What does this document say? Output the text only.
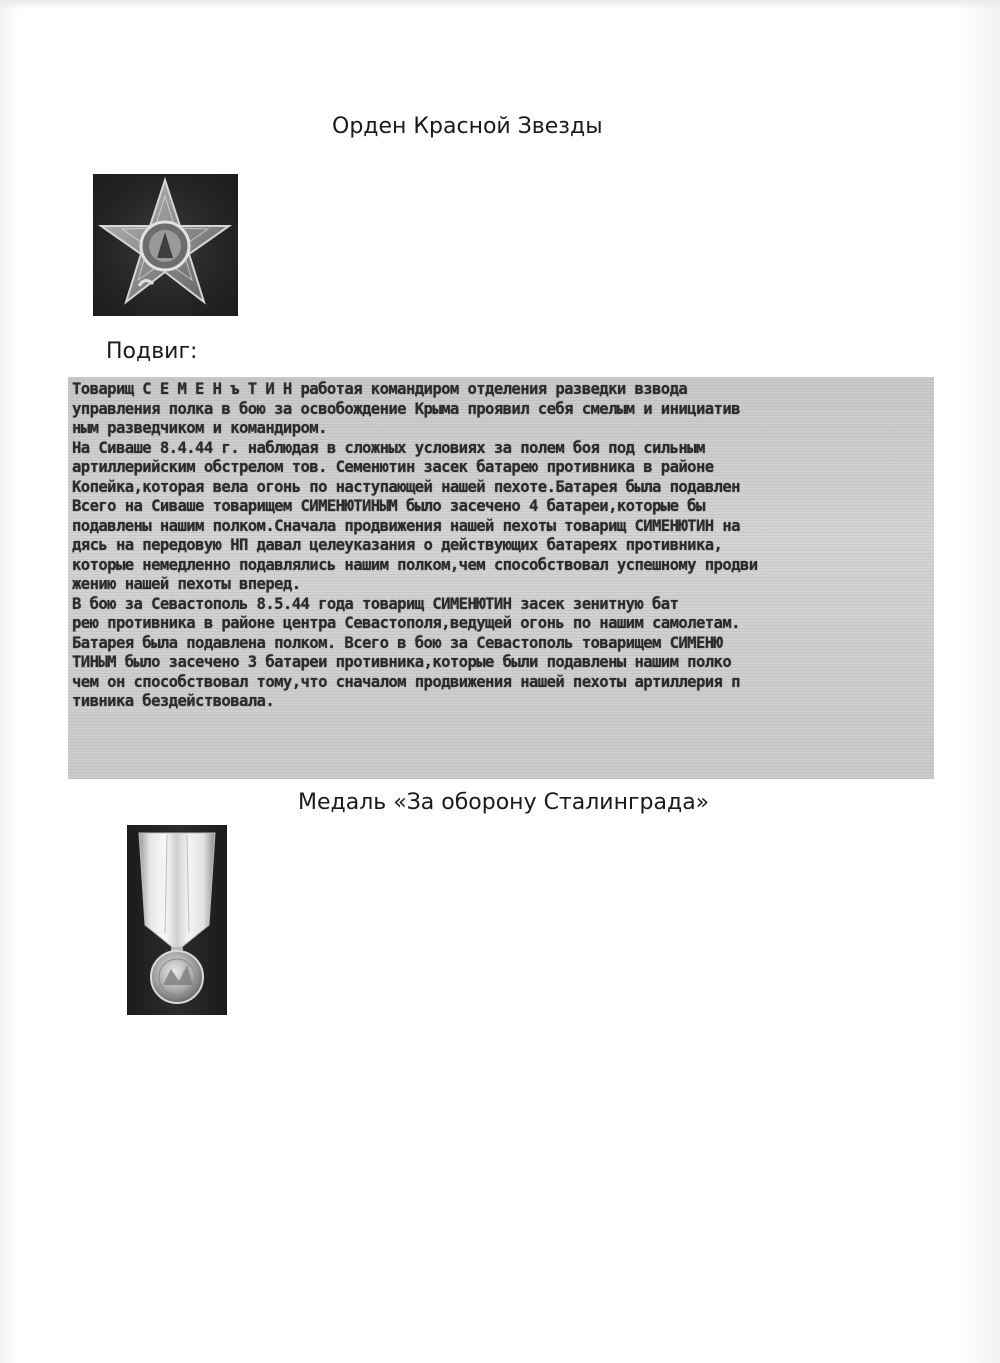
Орден Красной Звезды
Подвиг:
Товарищ С Е М Е Н ъ Т И Н работая командиром отделения разведки взвода
управления полка в бою за освобождение Крыма проявил себя смелым и инициатив
ным разведчиком и командиром.
На Сиваше 8.4.44 г. наблюдая в сложных условиях за полем боя под сильным
артиллерийским обстрелом тов. Семенютин засек батарею противника в районе
Копейка,которая вела огонь по наступающей нашей пехоте.Батарея была подавлен
Всего на Сиваше товарищем СИМЕНЮТИНЫМ было засечено 4 батареи,которые бы
подавлены нашим полком.Сначала продвижения нашей пехоты товарищ СИМЕНЮТИН на
дясь на передовую НП давал целеуказания о действующих батареях противника,
которые немедленно подавлялись нашим полком,чем способствовал успешному продви
жению нашей пехоты вперед.
В бою за Севастополь 8.5.44 года товарищ СИМЕНЮТИН засек зенитную бат
рею противника в районе центра Севастополя,ведущей огонь по нашим самолетам.
Батарея была подавлена полком. Всего в бою за Севастополь товарищем СИМЕНЮ
ТИНЫМ было засечено 3 батареи противника,которые были подавлены нашим полко
чем он способствовал тому,что сначалом продвижения нашей пехоты артиллерия п
тивника бездействовала.
Медаль «За оборону Сталинграда»
